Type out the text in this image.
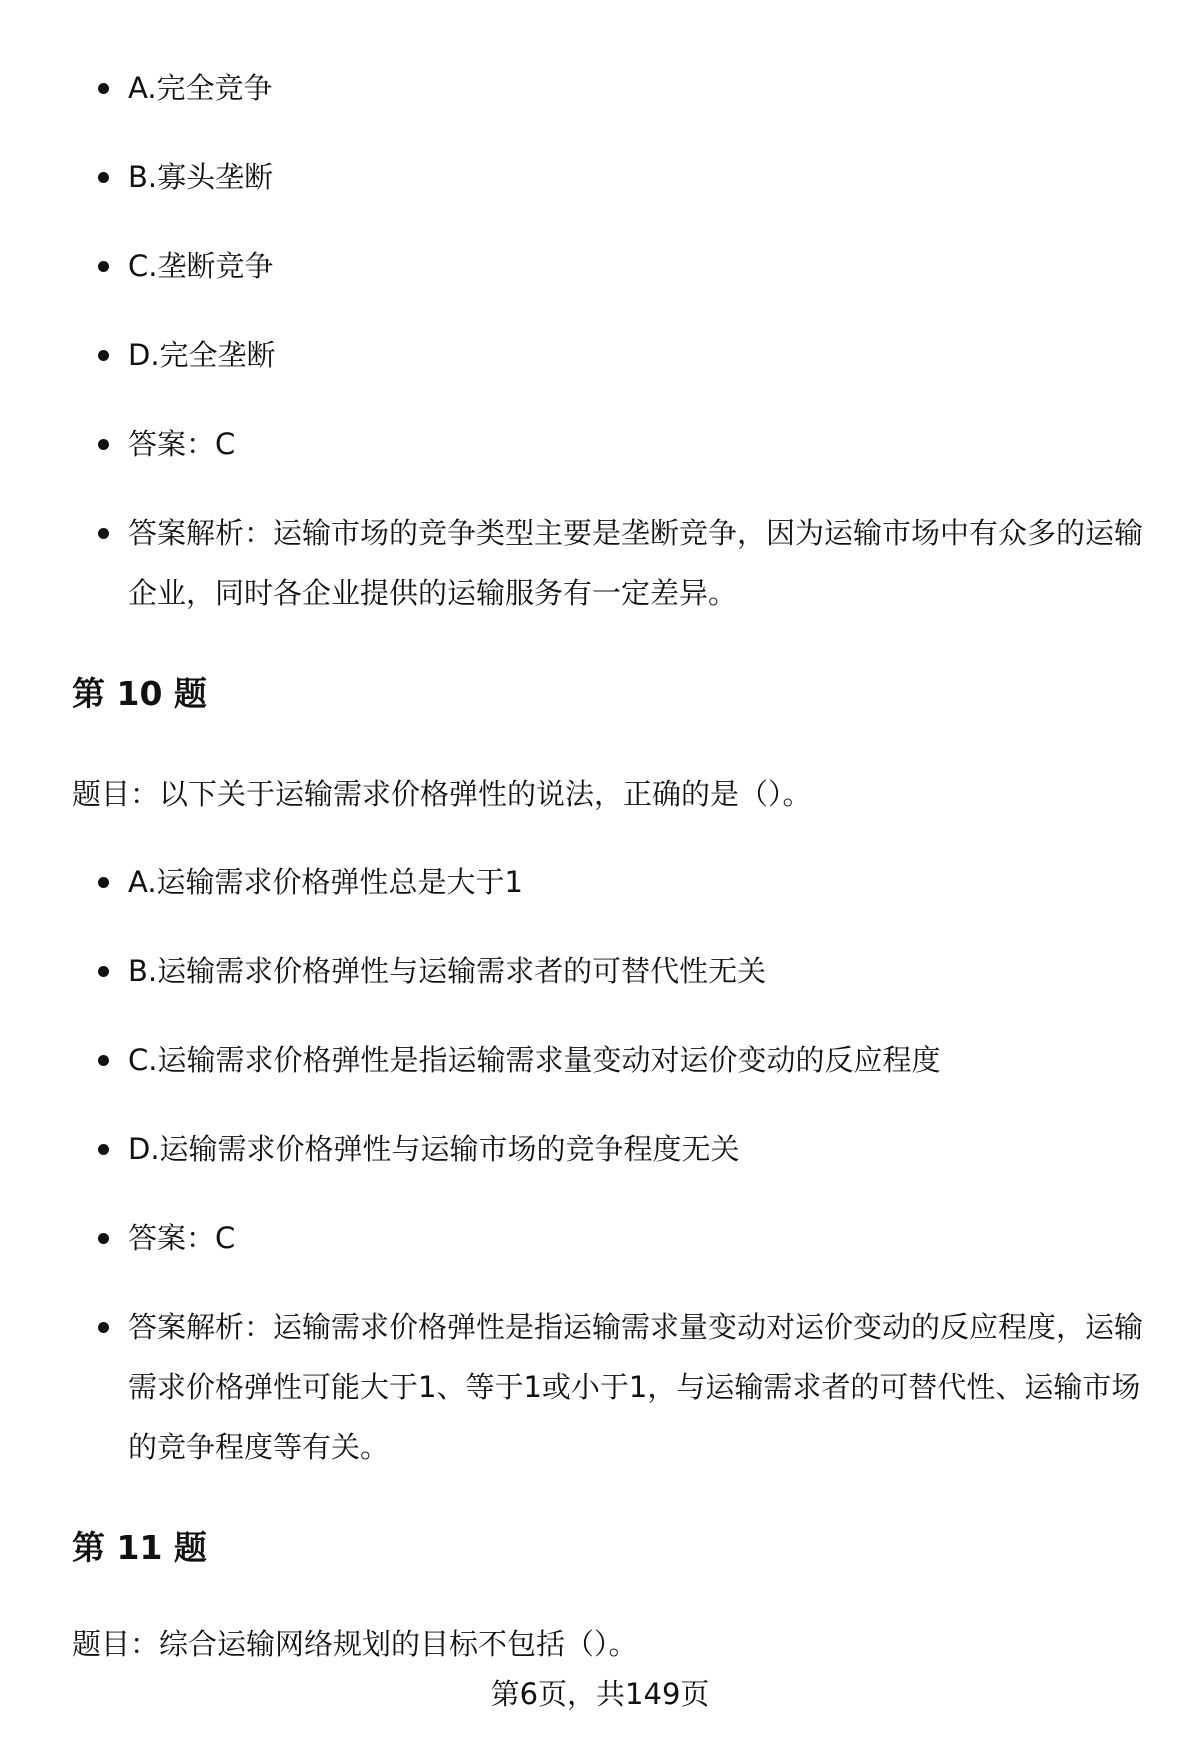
A.完全竞争
B.寡头垄断
C.垄断竞争
D.完全垄断
答案：C
答案解析：运输市场的竞争类型主要是垄断竞争，因为运输市场中有众多的运输企业，同时各企业提供的运输服务有一定差异。
第 10 题

题目：以下关于运输需求价格弹性的说法，正确的是（）。

A.运输需求价格弹性总是大于1
B.运输需求价格弹性与运输需求者的可替代性无关
C.运输需求价格弹性是指运输需求量变动对运价变动的反应程度
D.运输需求价格弹性与运输市场的竞争程度无关
答案：C
答案解析：运输需求价格弹性是指运输需求量变动对运价变动的反应程度，运输需求价格弹性可能大于1、等于1或小于1，与运输需求者的可替代性、运输市场的竞争程度等有关。
第 11 题

题目：综合运输网络规划的目标不包括（）。

第6页，共149页
